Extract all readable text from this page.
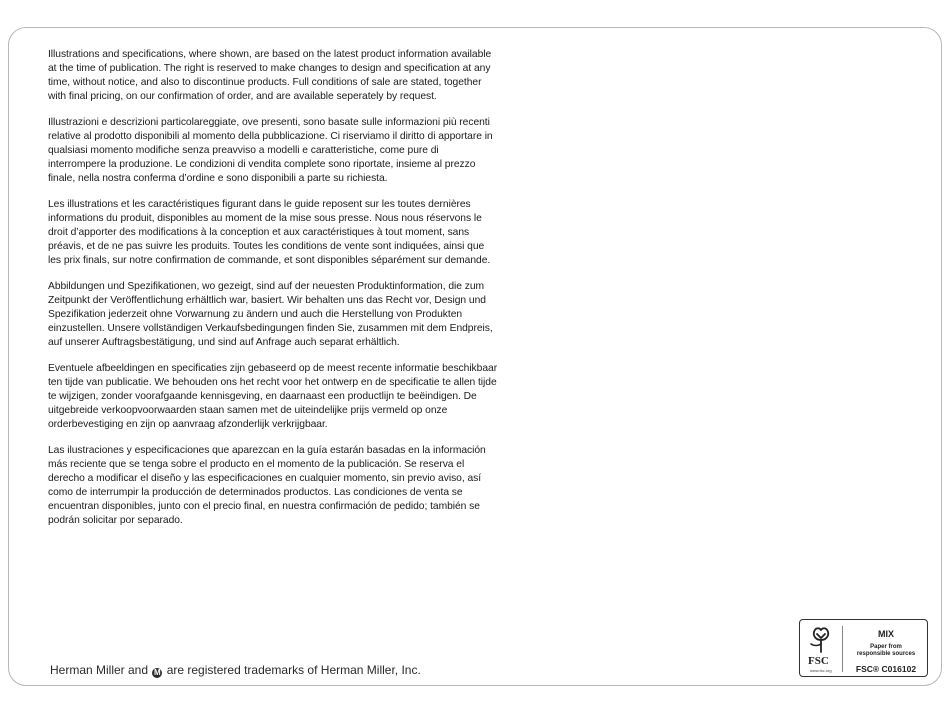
Illustrations and specifications, where shown, are based on the latest product information available at the time of publication. The right is reserved to make changes to design and specification at any time, without notice, and also to discontinue products. Full conditions of sale are stated, together with final pricing, on our confirmation of order, and are available seperately by request.

Illustrazioni e descrizioni particolareggiate, ove presenti, sono basate sulle informazioni più recenti relative al prodotto disponibili al momento della pubblicazione. Ci riserviamo il diritto di apportare in qualsiasi momento modifiche senza preavviso a modelli e caratteristiche, come pure di interrompere la produzione. Le condizioni di vendita complete sono riportate, insieme al prezzo finale, nella nostra conferma d’ordine e sono disponibili a parte su richiesta.

Les illustrations et les caractéristiques figurant dans le guide reposent sur les toutes dernières informations du produit, disponibles au moment de la mise sous presse. Nous nous réservons le droit d’apporter des modifications à la conception et aux caractéristiques à tout moment, sans préavis, et de ne pas suivre les produits. Toutes les conditions de vente sont indiquées, ainsi que les prix finals, sur notre confirmation de commande, et sont disponibles séparément sur demande.

Abbildungen und Spezifikationen, wo gezeigt, sind auf der neuesten Produktinformation, die zum Zeitpunkt der Veröffentlichung erhältlich war, basiert. Wir behalten uns das Recht vor, Design und Spezifikation jederzeit ohne Vorwarnung zu ändern und auch die Herstellung von Produkten einzustellen. Unsere vollständigen Verkaufsbedingungen finden Sie, zusammen mit dem Endpreis, auf unserer Auftragsbestätigung, und sind auf Anfrage auch separat erhältlich.

Eventuele afbeeldingen en specificaties zijn gebaseerd op de meest recente informatie beschikbaar ten tijde van publicatie. We behouden ons het recht voor het ontwerp en de specificatie te allen tijde te wijzigen, zonder voorafgaande kennisgeving, en daarnaast een productlijn te beëindigen. De uitgebreide verkoopvoorwaarden staan samen met de uiteindelijke prijs vermeld op onze orderbevestiging en zijn op aanvraag afzonderlijk verkrijgbaar.

Las ilustraciones y especificaciones que aparezcan en la guía estarán basadas en la información más reciente que se tenga sobre el producto en el momento de la publicación. Se reserva el derecho a modificar el diseño y las especificaciones en cualquier momento, sin previo aviso, así como de interrumpir la producción de determinados productos. Las condiciones de venta se encuentran disponibles, junto con el precio final, en nuestra confirmación de pedido; también se podrán solicitar por separado.

Herman Miller and M are registered trademarks of Herman Miller, Inc.
FSC
www.fsc.org
MIX
Paper from
responsible sources
FSC® C016102
